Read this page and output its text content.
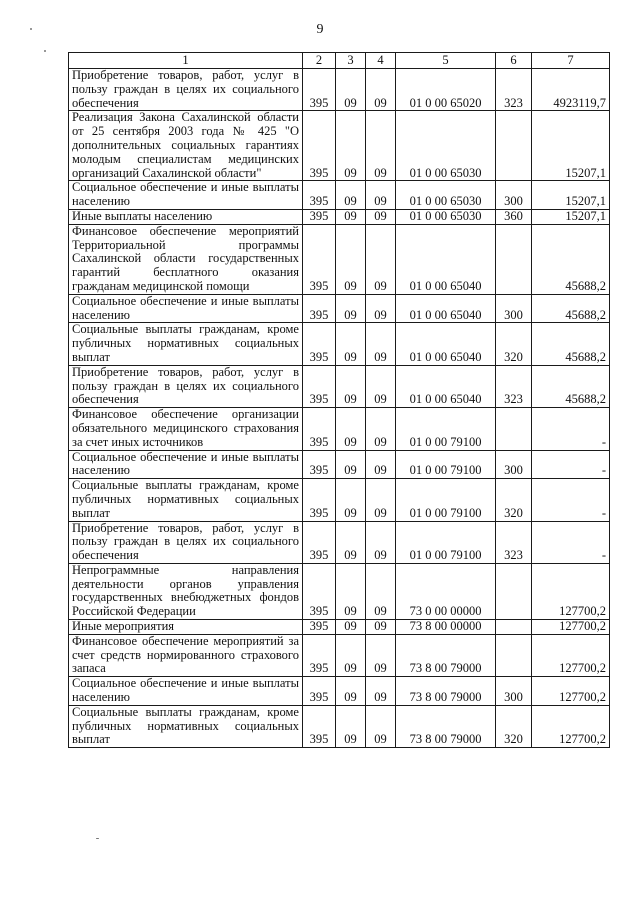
9
1	2	3	4	5	6	7
Приобретение товаров, работ, услуг в пользу граждан в целях их социального обеспечения	395	09	09	01 0 00 65020	323	4923119,7
Реализация Закона Сахалинской области от 25 сентября 2003 года № 425 "О дополнительных социальных гарантиях молодым специалистам медицинских организаций Сахалинской области"	395	09	09	01 0 00 65030		15207,1
Социальное обеспечение и иные выплаты населению	395	09	09	01 0 00 65030	300	15207,1
Иные выплаты населению	395	09	09	01 0 00 65030	360	15207,1
Финансовое обеспечение мероприятий Территориальной программы Сахалинской области государственных гарантий бесплатного оказания гражданам медицинской помощи	395	09	09	01 0 00 65040		45688,2
Социальное обеспечение и иные выплаты населению	395	09	09	01 0 00 65040	300	45688,2
Социальные выплаты гражданам, кроме публичных нормативных социальных выплат	395	09	09	01 0 00 65040	320	45688,2
Приобретение товаров, работ, услуг в пользу граждан в целях их социального обеспечения	395	09	09	01 0 00 65040	323	45688,2
Финансовое обеспечение организации обязательного медицинского страхования за счет иных источников	395	09	09	01 0 00 79100		-
Социальное обеспечение и иные выплаты населению	395	09	09	01 0 00 79100	300	-
Социальные выплаты гражданам, кроме публичных нормативных социальных выплат	395	09	09	01 0 00 79100	320	-
Приобретение товаров, работ, услуг в пользу граждан в целях их социального обеспечения	395	09	09	01 0 00 79100	323	-
Непрограммные направления деятельности органов управления государственных внебюджетных фондов Российской Федерации	395	09	09	73 0 00 00000		127700,2
Иные мероприятия	395	09	09	73 8 00 00000		127700,2
Финансовое обеспечение мероприятий за счет средств нормированного страхового запаса	395	09	09	73 8 00 79000		127700,2
Социальное обеспечение и иные выплаты населению	395	09	09	73 8 00 79000	300	127700,2
Социальные выплаты гражданам, кроме публичных нормативных социальных выплат	395	09	09	73 8 00 79000	320	127700,2
